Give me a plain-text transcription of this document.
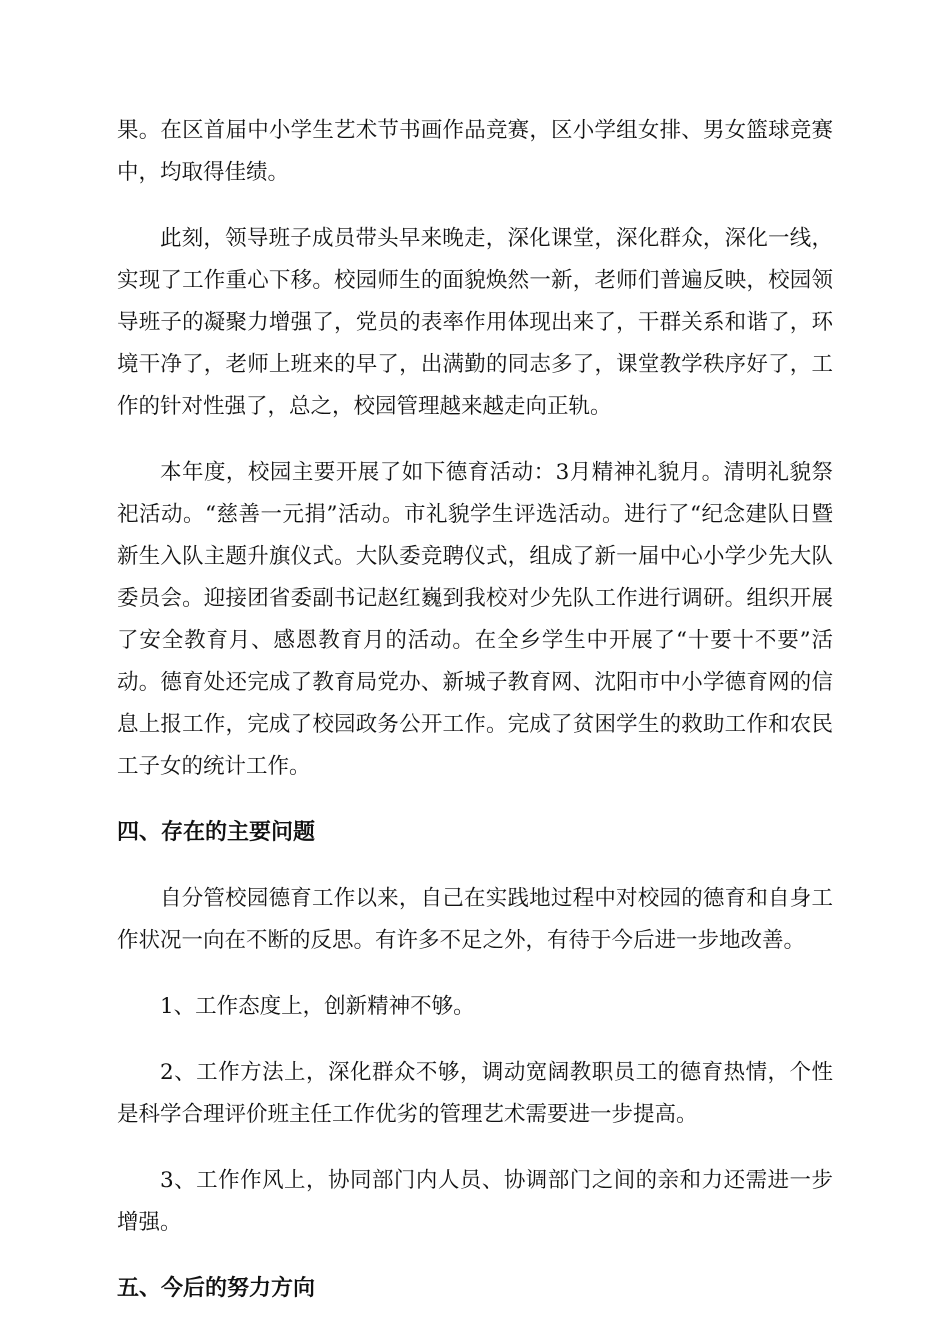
果。在区首届中小学生艺术节书画作品竞赛，区小学组女排、男女篮球竞赛中，均取得佳绩。

此刻，领导班子成员带头早来晚走，深化课堂，深化群众，深化一线，实现了工作重心下移。校园师生的面貌焕然一新，老师们普遍反映，校园领导班子的凝聚力增强了，党员的表率作用体现出来了，干群关系和谐了，环境干净了，老师上班来的早了，出满勤的同志多了，课堂教学秩序好了，工作的针对性强了，总之，校园管理越来越走向正轨。

本年度，校园主要开展了如下德育活动：3月精神礼貌月。清明礼貌祭祀活动。“慈善一元捐”活动。市礼貌学生评选活动。进行了“纪念建队日暨新生入队主题升旗仪式。大队委竞聘仪式，组成了新一届中心小学少先大队委员会。迎接团省委副书记赵红巍到我校对少先队工作进行调研。组织开展了安全教育月、感恩教育月的活动。在全乡学生中开展了“十要十不要”活动。德育处还完成了教育局党办、新城子教育网、沈阳市中小学德育网的信息上报工作，完成了校园政务公开工作。完成了贫困学生的救助工作和农民工子女的统计工作。

四、存在的主要问题

自分管校园德育工作以来，自己在实践地过程中对校园的德育和自身工作状况一向在不断的反思。有许多不足之外，有待于今后进一步地改善。

1、工作态度上，创新精神不够。

2、工作方法上，深化群众不够，调动宽阔教职员工的德育热情，个性是科学合理评价班主任工作优劣的管理艺术需要进一步提高。

3、工作作风上，协同部门内人员、协调部门之间的亲和力还需进一步增强。

五、今后的努力方向
